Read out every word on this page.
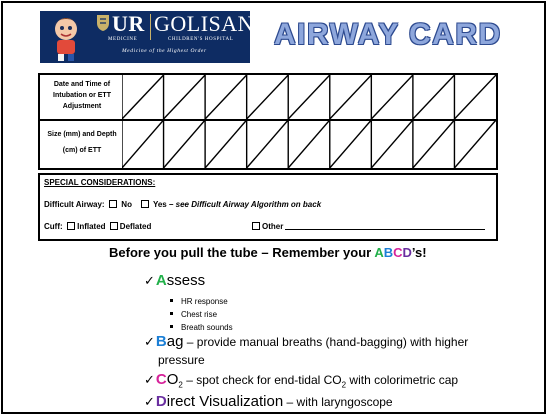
UR GOLISANO
MEDICINE	CHILDREN'S HOSPITAL
Medicine of the Highest Order AIRWAY CARD
Date and Time of Intubation or ETT Adjustment
Size (mm) and Depth (cm) of ETT
SPECIAL CONSIDERATIONS:
Difficult Airway: No	Yes – see Difficult Airway Algorithm on back
Cuff: Inflated Deflated	Other
Before you pull the tube – Remember your ABCD’s!
✓Assess
HR response
Chest rise
Breath sounds
✓Bag – provide manual breaths (hand-bagging) with higher
pressure
$✓CO_2$ – spot check for end-tidal $CO_2$ with colorimetric cap
✓Direct Visualization – with laryngoscope
